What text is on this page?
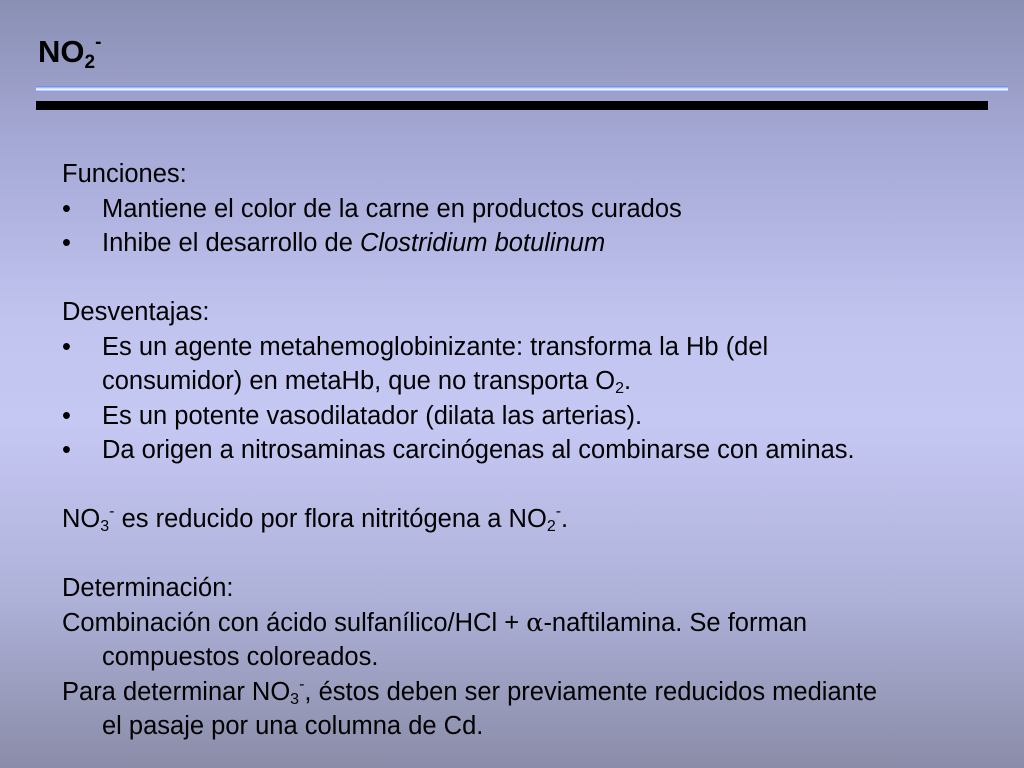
$NO_2^-$
Funciones:
• Mantiene el color de la carne en productos curados
• Inhibe el desarrollo de Clostridium botulinum
Desventajas:
• Es un agente metahemoglobinizante: transforma la Hb (del
consumidor) en metaHb, que no transporta $O_2$.
• Es un potente vasodilatador (dilata las arterias).
• Da origen a nitrosaminas carcinógenas al combinarse con aminas.
$NO_3^-$ es reducido por flora nitritógena a $NO_2^-$.
Determinación:
Combinación con ácido sulfanílico/HCl + α-naftilamina. Se forman
compuestos coloreados.
Para determinar $NO_3^-$, éstos deben ser previamente reducidos mediante
el pasaje por una columna de Cd.
